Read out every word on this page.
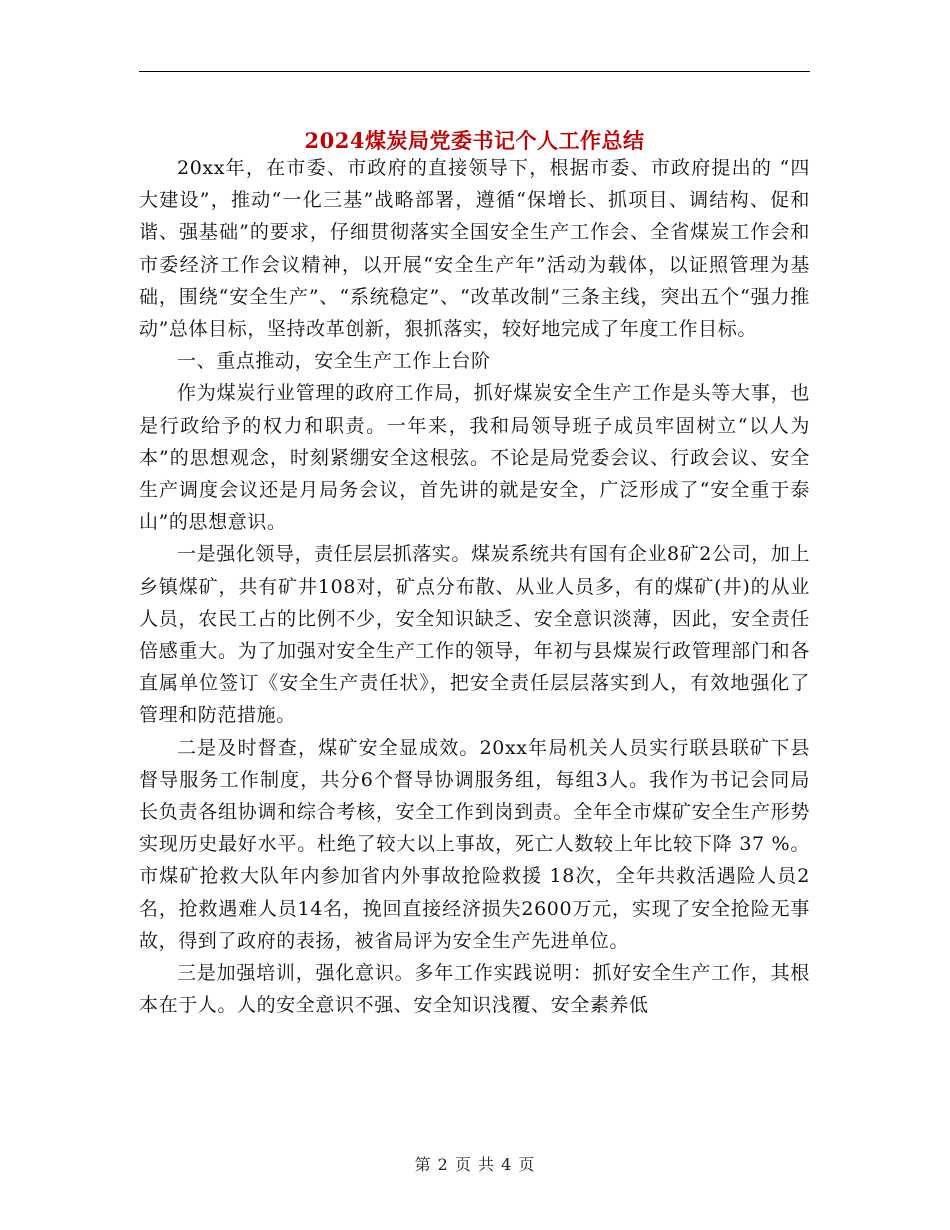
2024煤炭局党委书记个人工作总结

20xx年，在市委、市政府的直接领导下，根据市委、市政府提出的 “四大建设”，推动“一化三基”战略部署，遵循“保增长、抓项目、调结构、促和谐、强基础”的要求，仔细贯彻落实全国安全生产工作会、全省煤炭工作会和市委经济工作会议精神，以开展“安全生产年”活动为载体，以证照管理为基础，围绕“安全生产”、“系统稳定”、“改革改制”三条主线，突出五个“强力推动”总体目标，坚持改革创新，狠抓落实，较好地完成了年度工作目标。

一、重点推动，安全生产工作上台阶

作为煤炭行业管理的政府工作局，抓好煤炭安全生产工作是头等大事，也是行政给予的权力和职责。一年来，我和局领导班子成员牢固树立“以人为本”的思想观念，时刻紧绷安全这根弦。不论是局党委会议、行政会议、安全生产调度会议还是月局务会议，首先讲的就是安全，广泛形成了“安全重于泰山”的思想意识。

一是强化领导，责任层层抓落实。煤炭系统共有国有企业8矿2公司，加上乡镇煤矿，共有矿井108对，矿点分布散、从业人员多，有的煤矿(井)的从业人员，农民工占的比例不少，安全知识缺乏、安全意识淡薄，因此，安全责任倍感重大。为了加强对安全生产工作的领导，年初与县煤炭行政管理部门和各直属单位签订《安全生产责任状》，把安全责任层层落实到人，有效地强化了管理和防范措施。

二是及时督查，煤矿安全显成效。20xx年局机关人员实行联县联矿下县督导服务工作制度，共分6个督导协调服务组，每组3人。我作为书记会同局长负责各组协调和综合考核，安全工作到岗到责。全年全市煤矿安全生产形势实现历史最好水平。杜绝了较大以上事故，死亡人数较上年比较下降 37 %。市煤矿抢救大队年内参加省内外事故抢险救援 18次，全年共救活遇险人员2名，抢救遇难人员14名，挽回直接经济损失2600万元，实现了安全抢险无事故，得到了政府的表扬，被省局评为安全生产先进单位。

三是加强培训，强化意识。多年工作实践说明：抓好安全生产工作，其根本在于人。人的安全意识不强、安全知识浅覆、安全素养低

第 2 页 共 4 页
